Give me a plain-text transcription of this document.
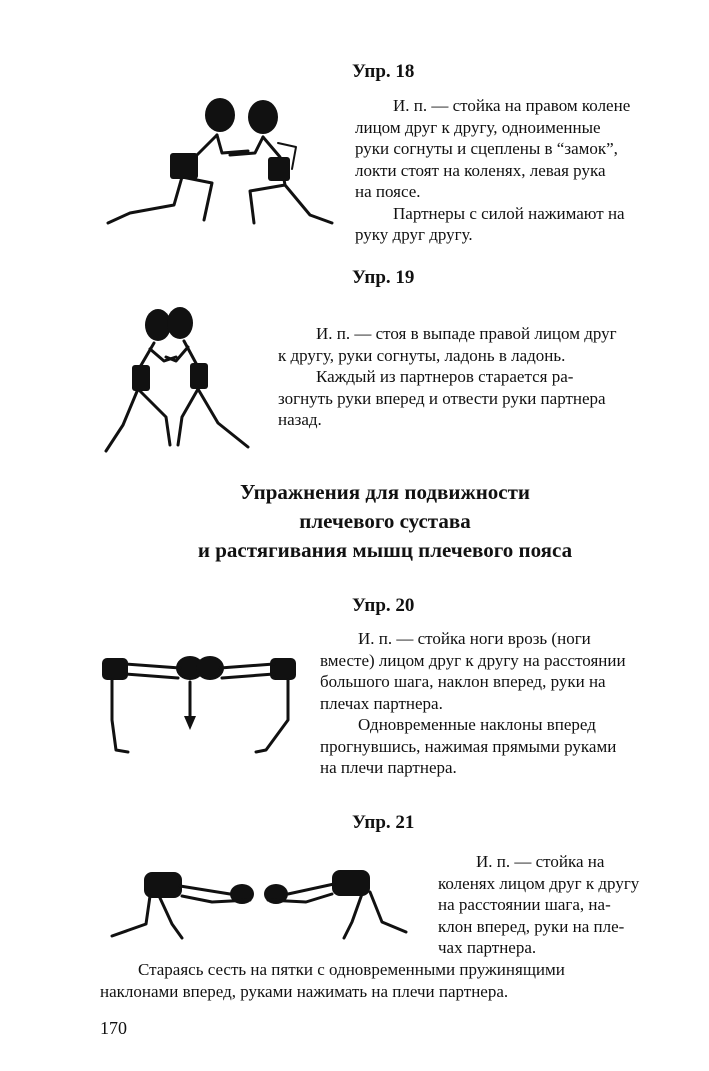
Упр. 18

И. п. — стойка на правом колене

лицом друг к другу, одноименные

руки согнуты и сцеплены в “замок”,

локти стоят на коленях, левая рука

на поясе.

Партнеры с силой нажимают на

руку друг другу.

Упр. 19

И. п. — стоя в выпаде правой лицом друг

к другу, руки согнуты, ладонь в ладонь.

Каждый из партнеров старается ра-

зогнуть руки вперед и отвести руки партнера

назад.

Упражнения для подвижности
плечевого сустава
и растягивания мышц плечевого пояса
Упр. 20

И. п. — стойка ноги врозь (ноги

вместе) лицом друг к другу на расстоянии

большого шага, наклон вперед, руки на

плечах партнера.

Одновременные наклоны вперед

прогнувшись, нажимая прямыми руками

на плечи партнера.

Упр. 21

И. п. — стойка на

коленях лицом друг к другу

на расстоянии шага, на-

клон вперед, руки на пле-

чах партнера.

Стараясь сесть на пятки с одновременными пружинящими

наклонами вперед, руками нажимать на плечи партнера.

170
